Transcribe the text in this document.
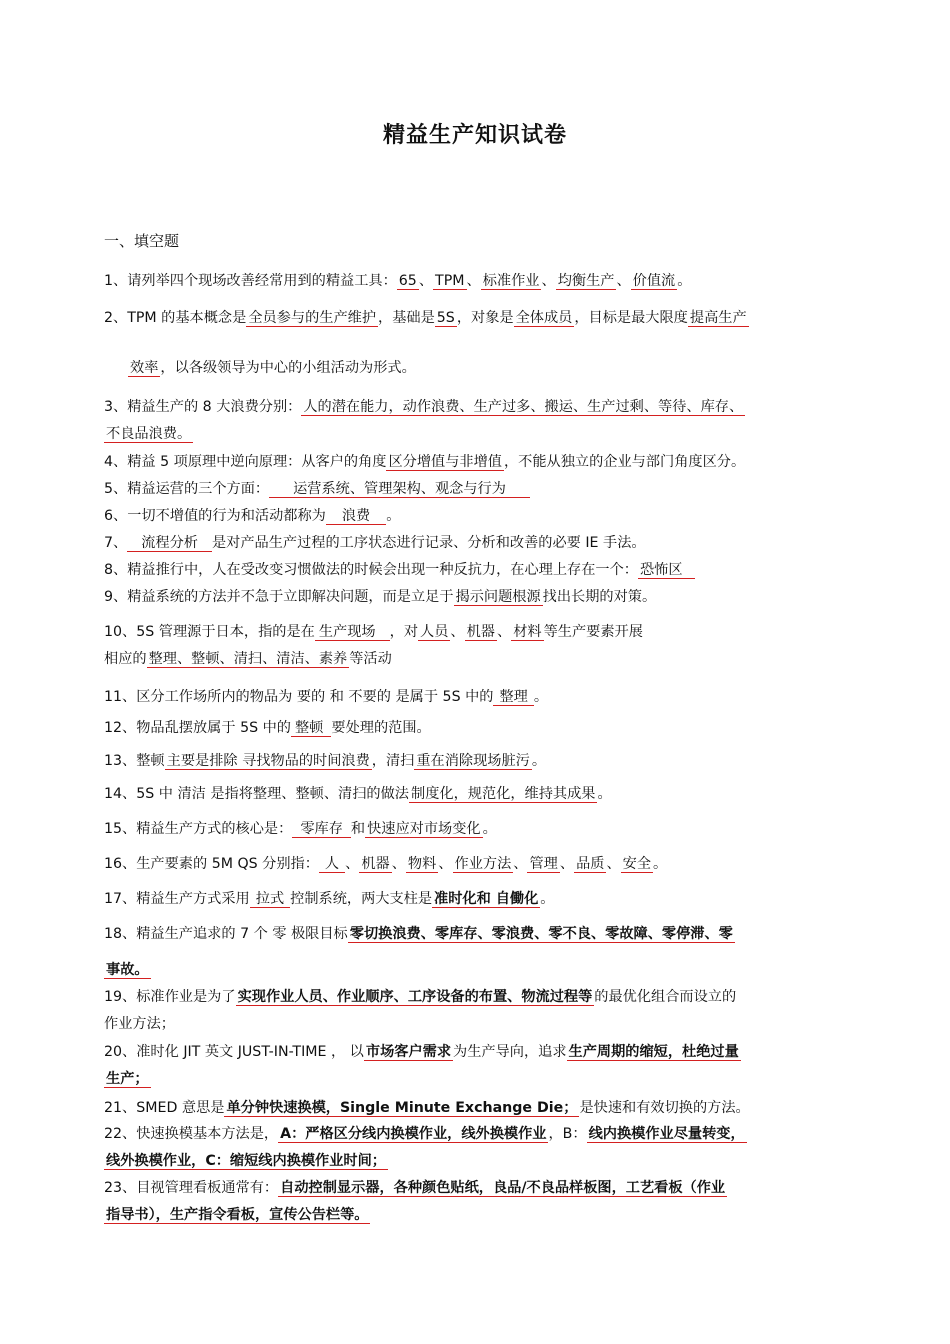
精益生产知识试卷
一、填空题
1、请列举四个现场改善经常用到的精益工具： 65 、 TPM 、 标准作业 、 均衡生产 、 价值流 。
2、TPM 的基本概念是 全员参与的生产维护 ，基础是 5S ，对象是 全体成员 ，目标是最大限度 提高生产
效率 ，以各级领导为中心的小组活动为形式。
3、精益生产的 8 大浪费分别： 人的潜在能力，动作浪费、生产过多、搬运、生产过剩、等待、库存、
不良品浪费。
4、精益 5 项原理中逆向原理：从客户的角度 区分增值与非增值 ，不能从独立的企业与部门角度区分。
5、精益运营的三个方面： 运营系统、管理架构、观念与行为
6、一切不增值的行为和活动都称为 浪费 。
7、 流程分析 是对产品生产过程的工序状态进行记录、分析和改善的必要 IE 手法。
8、精益推行中，人在受改变习惯做法的时候会出现一种反抗力，在心理上存在一个： 恐怖区
9、精益系统的方法并不急于立即解决问题，而是立足于 揭示问题根源 找出长期的对策。
10、5S 管理源于日本，指的是在 生产现场 ，对 人员 、 机器 、 材料 等生产要素开展
相应的 整理、整顿、清扫、清洁、素养 等活动
11、区分工作场所内的物品为 要的 和 不要的 是属于 5S 中的 整理 。
12、物品乱摆放属于 5S 中的 整顿 要处理的范围。
13、整顿 主要是排除 寻找物品的时间浪费 ，清扫 重在消除现场脏污 。
14、5S 中 清洁 是指将整理、整顿、清扫的做法 制度化，规范化，维持其成果 。
15、精益生产方式的核心是： 零库存 和 快速应对市场变化 。
16、生产要素的 5M QS 分别指： 人 、 机器 、 物料 、 作业方法 、 管理 、 品质 、 安全 。
17、精益生产方式采用 拉式 控制系统，两大支柱是 准时化和 自働化 。
18、精益生产追求的 7 个 零 极限目标 零切换浪费、零库存、零浪费、零不良、零故障、零停滞、零
事故。
19、标准作业是为了 实现作业人员、作业顺序、工序设备的布置、物流过程等 的最优化组合而设立的
作业方法；
20、准时化 JIT 英文 JUST-IN-TIME ， 以 市场客户需求 为生产导向，追求 生产周期的缩短，杜绝过量
生产；
21、SMED 意思是 单分钟快速换模，Single Minute Exchange Die； 是快速和有效切换的方法。
22、快速换模基本方法是， A：严格区分线内换模作业，线外换模作业 ，B： 线内换模作业尽量转变，
线外换模作业，C：缩短线内换模作业时间；
23、目视管理看板通常有： 自动控制显示器，各种颜色贴纸，良品/不良品样板图，工艺看板（作业
指导书），生产指令看板，宣传公告栏等。
